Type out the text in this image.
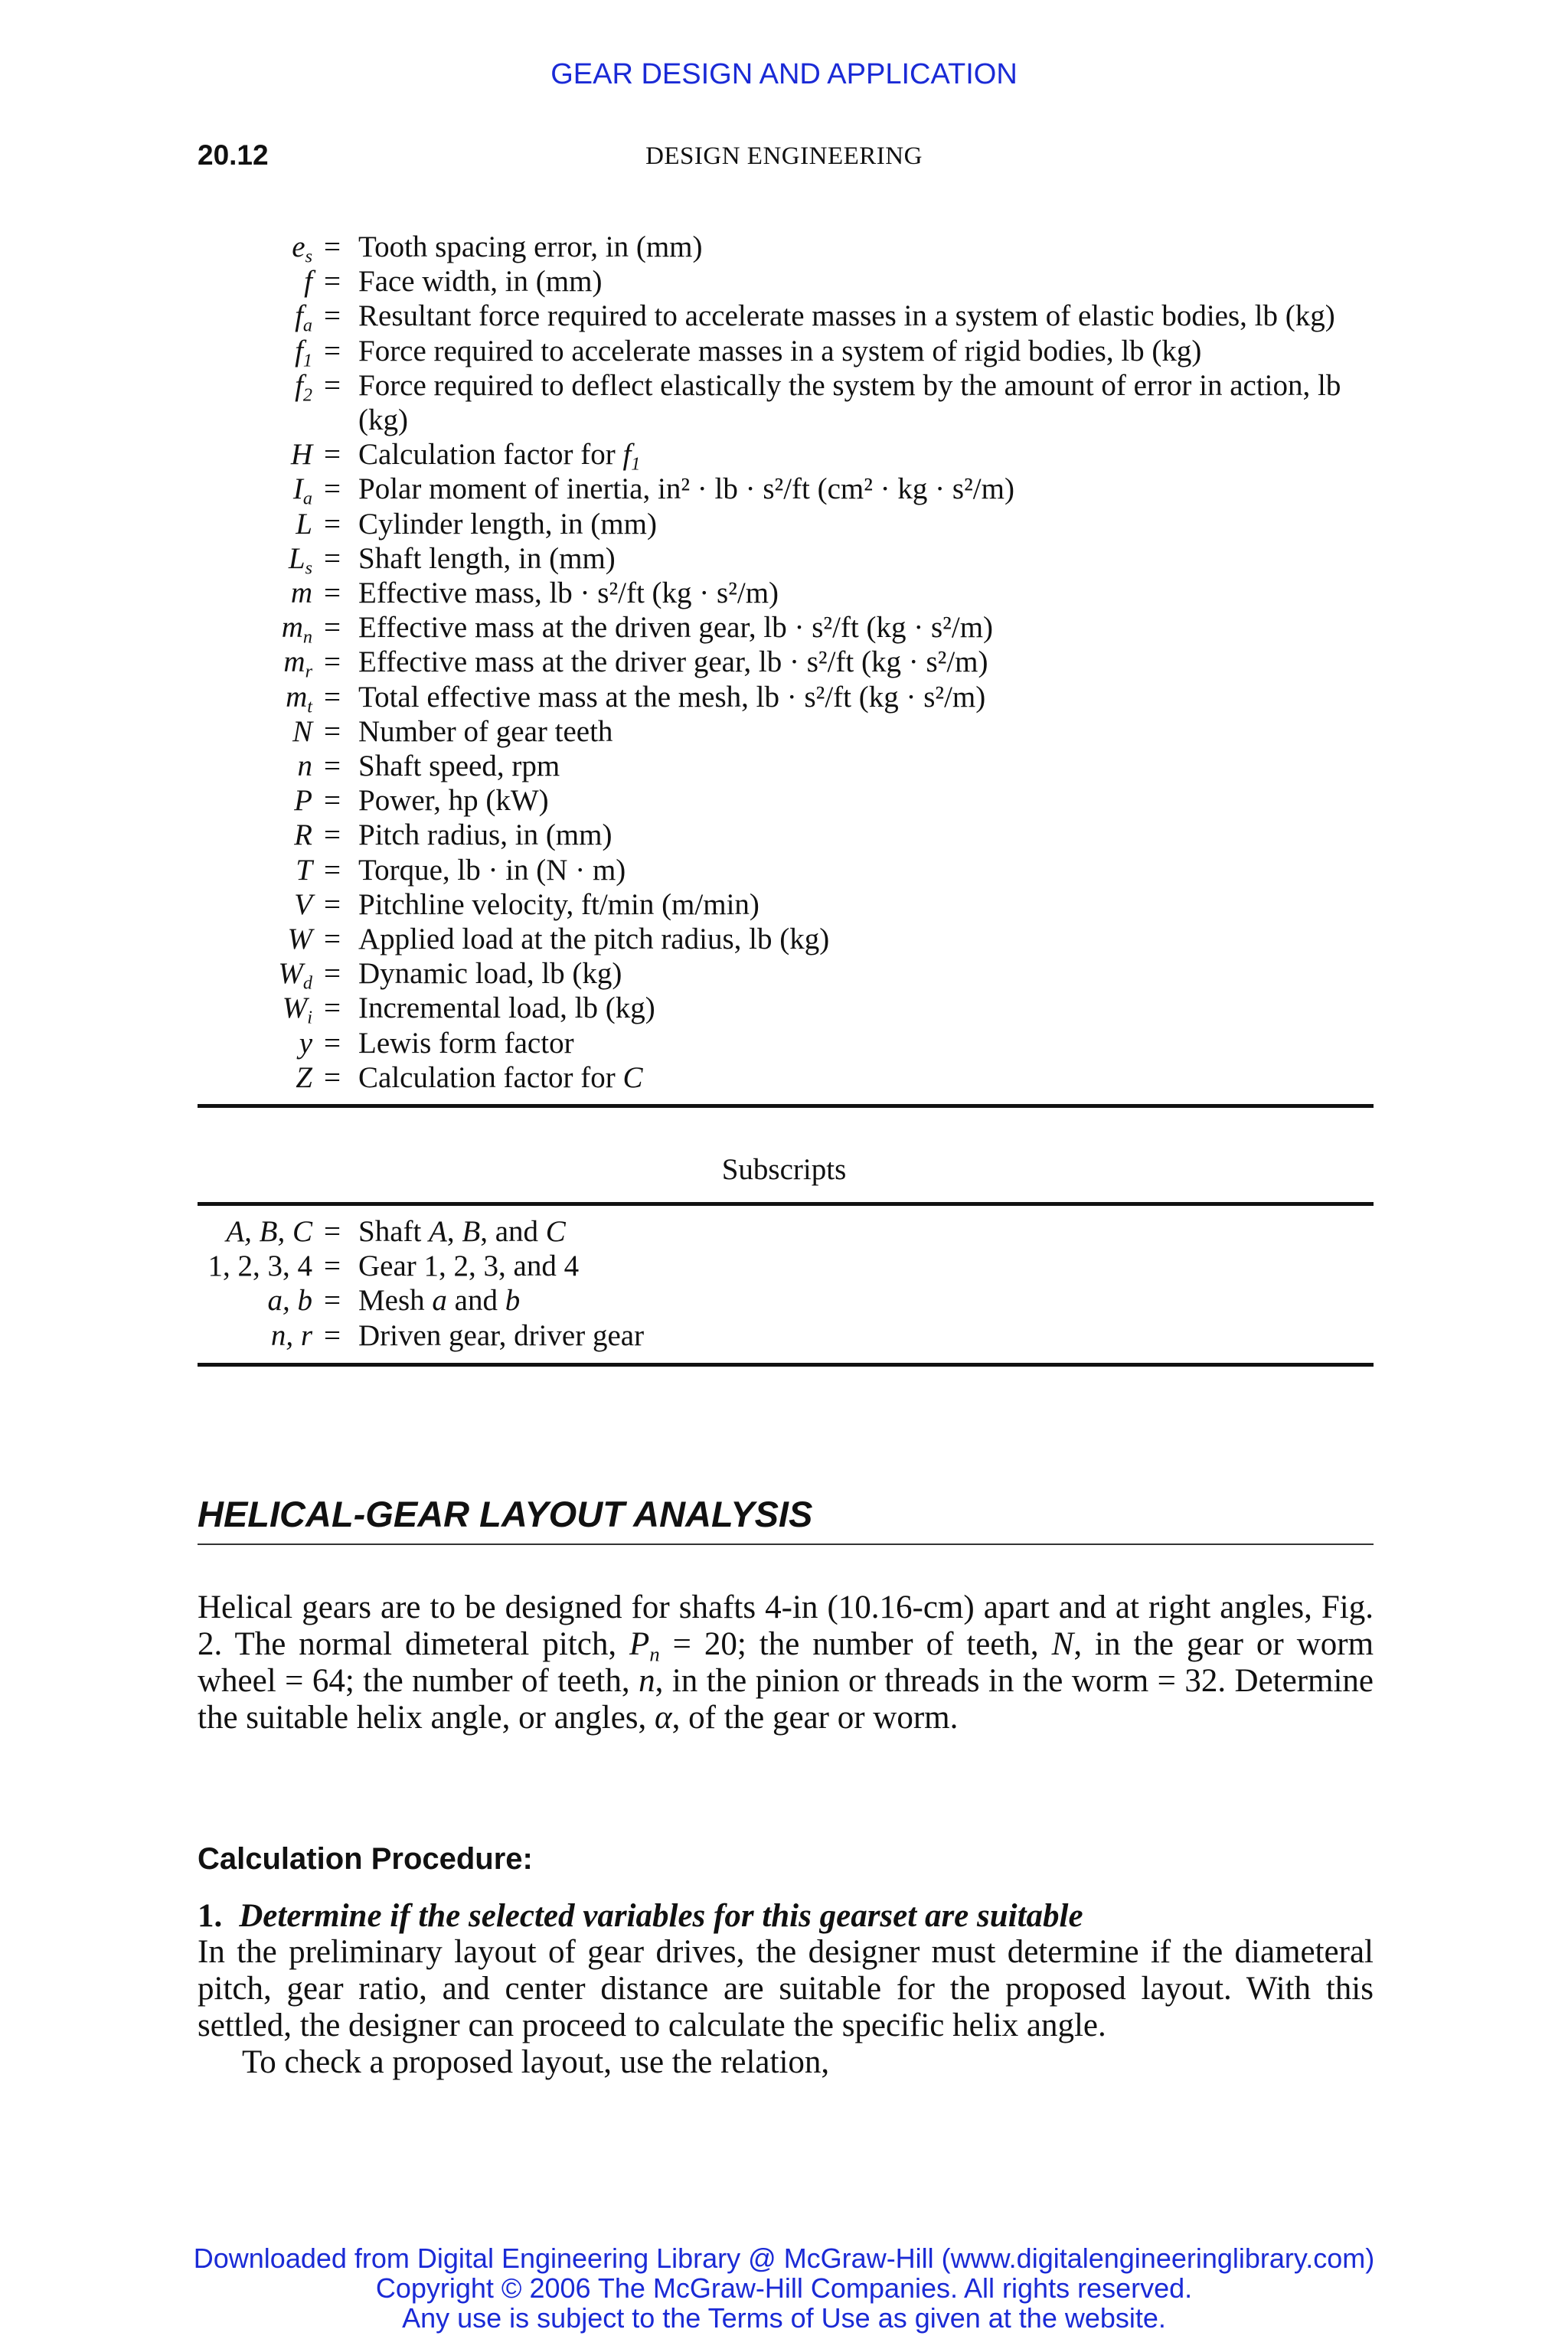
GEAR DESIGN AND APPLICATION
20.12	DESIGN ENGINEERING
$e_s$ = Tooth spacing error, in (mm)
f = Face width, in (mm)
$f_a$ = Resultant force required to accelerate masses in a system of elastic bodies, lb (kg)
$f_1$ = Force required to accelerate masses in a system of rigid bodies, lb (kg)
$f_2$ = Force required to deflect elastically the system by the amount of error in action, lb
(kg)
H = Calculation factor for $f_1$
$I_a$ = Polar moment of inertia, in² · lb · s²/ft (cm² · kg · s²/m)
L = Cylinder length, in (mm)
$L_s$ = Shaft length, in (mm)
m = Effective mass, lb · s²/ft (kg · s²/m)
$m_n$ = Effective mass at the driven gear, lb · s²/ft (kg · s²/m)
$m_r$ = Effective mass at the driver gear, lb · s²/ft (kg · s²/m)
$m_t$ = Total effective mass at the mesh, lb · s²/ft (kg · s²/m)
N = Number of gear teeth
n = Shaft speed, rpm
P = Power, hp (kW)
R = Pitch radius, in (mm)
T = Torque, lb · in (N · m)
V = Pitchline velocity, ft/min (m/min)
W = Applied load at the pitch radius, lb (kg)
$W_d$ = Dynamic load, lb (kg)
$W_i$ = Incremental load, lb (kg)
y = Lewis form factor
Z = Calculation factor for C
Subscripts
A, B, C = Shaft A, B, and C
1, 2, 3, 4 = Gear 1, 2, 3, and 4
a, b = Mesh a and b
n, r = Driven gear, driver gear
HELICAL-GEAR LAYOUT ANALYSIS
Helical gears are to be designed for shafts 4-in (10.16-cm) apart and at right angles, Fig. 2. The normal dimeteral pitch, $P_n = 20$; the number of teeth, N, in the gear or worm wheel = 64; the number of teeth, n, in the pinion or threads in the worm = 32. Determine the suitable helix angle, or angles, α, of the gear or worm.
Calculation Procedure:
1. Determine if the selected variables for this gearset are suitable
In the preliminary layout of gear drives, the designer must determine if the diameteral pitch, gear ratio, and center distance are suitable for the proposed layout. With this settled, the designer can proceed to calculate the specific helix angle.
To check a proposed layout, use the relation,
Downloaded from Digital Engineering Library @ McGraw-Hill (www.digitalengineeringlibrary.com)
Copyright © 2006 The McGraw-Hill Companies. All rights reserved.
Any use is subject to the Terms of Use as given at the website.
